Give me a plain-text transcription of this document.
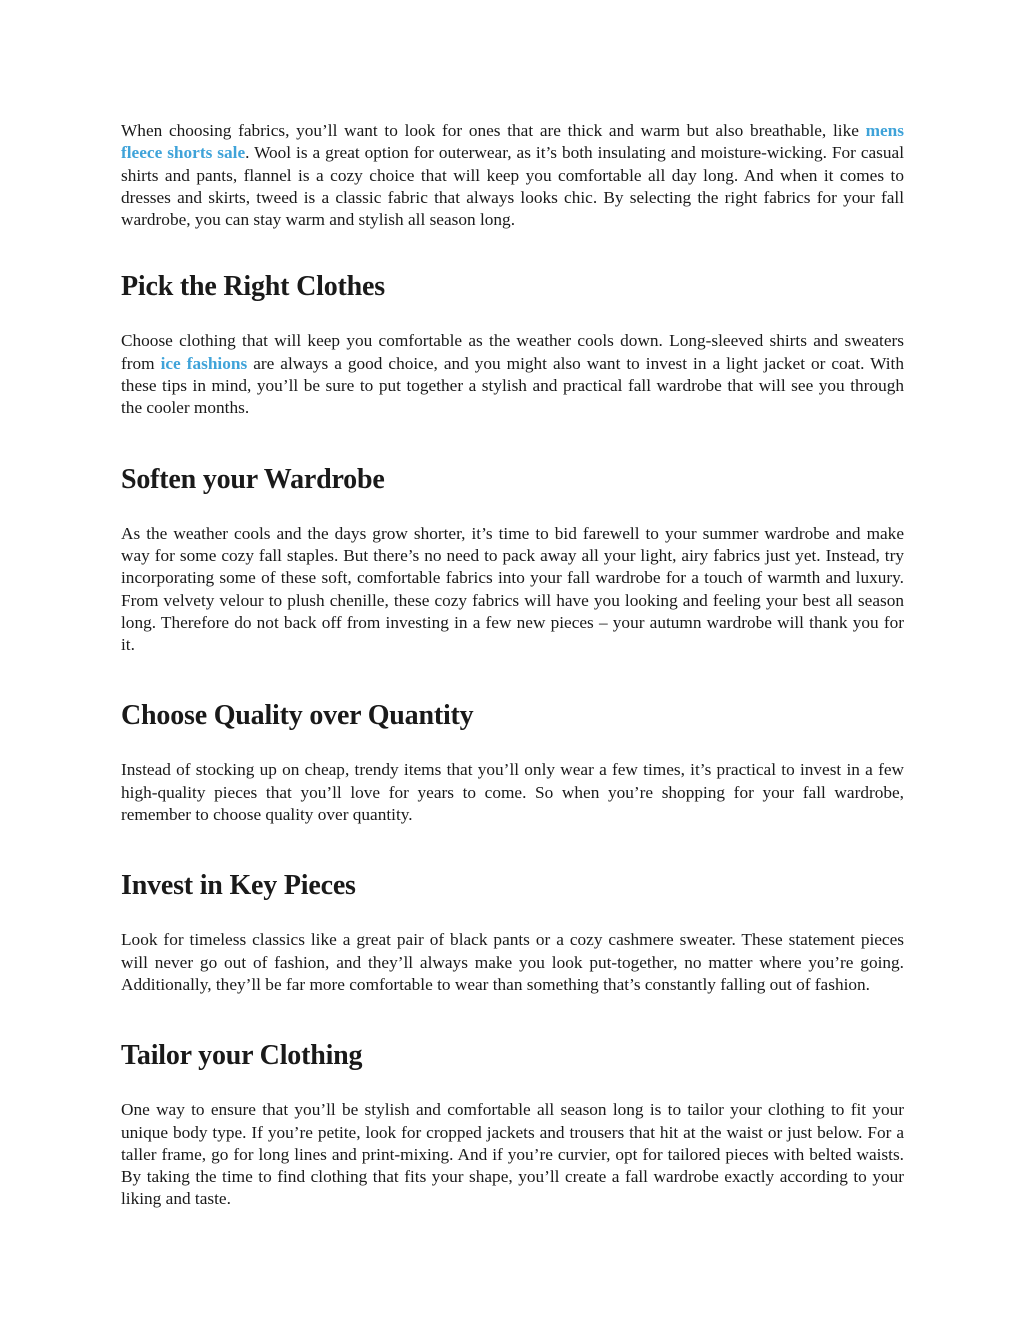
When choosing fabrics, you’ll want to look for ones that are thick and warm but also breathable, like mens fleece shorts sale. Wool is a great option for outerwear, as it’s both insulating and moisture-wicking. For casual shirts and pants, flannel is a cozy choice that will keep you comfortable all day long. And when it comes to dresses and skirts, tweed is a classic fabric that always looks chic. By selecting the right fabrics for your fall wardrobe, you can stay warm and stylish all season long.

Pick the Right Clothes

Choose clothing that will keep you comfortable as the weather cools down. Long-sleeved shirts and sweaters from ice fashions are always a good choice, and you might also want to invest in a light jacket or coat. With these tips in mind, you’ll be sure to put together a stylish and practical fall wardrobe that will see you through the cooler months.

Soften your Wardrobe

As the weather cools and the days grow shorter, it’s time to bid farewell to your summer wardrobe and make way for some cozy fall staples. But there’s no need to pack away all your light, airy fabrics just yet. Instead, try incorporating some of these soft, comfortable fabrics into your fall wardrobe for a touch of warmth and luxury. From velvety velour to plush chenille, these cozy fabrics will have you looking and feeling your best all season long. Therefore do not back off from investing in a few new pieces – your autumn wardrobe will thank you for it.

Choose Quality over Quantity

Instead of stocking up on cheap, trendy items that you’ll only wear a few times, it’s practical to invest in a few high-quality pieces that you’ll love for years to come. So when you’re shopping for your fall wardrobe, remember to choose quality over quantity.

Invest in Key Pieces

Look for timeless classics like a great pair of black pants or a cozy cashmere sweater. These statement pieces will never go out of fashion, and they’ll always make you look put-together, no matter where you’re going. Additionally, they’ll be far more comfortable to wear than something that’s constantly falling out of fashion.

Tailor your Clothing

One way to ensure that you’ll be stylish and comfortable all season long is to tailor your clothing to fit your unique body type. If you’re petite, look for cropped jackets and trousers that hit at the waist or just below. For a taller frame, go for long lines and print-mixing. And if you’re curvier, opt for tailored pieces with belted waists. By taking the time to find clothing that fits your shape, you’ll create a fall wardrobe exactly according to your liking and taste.
